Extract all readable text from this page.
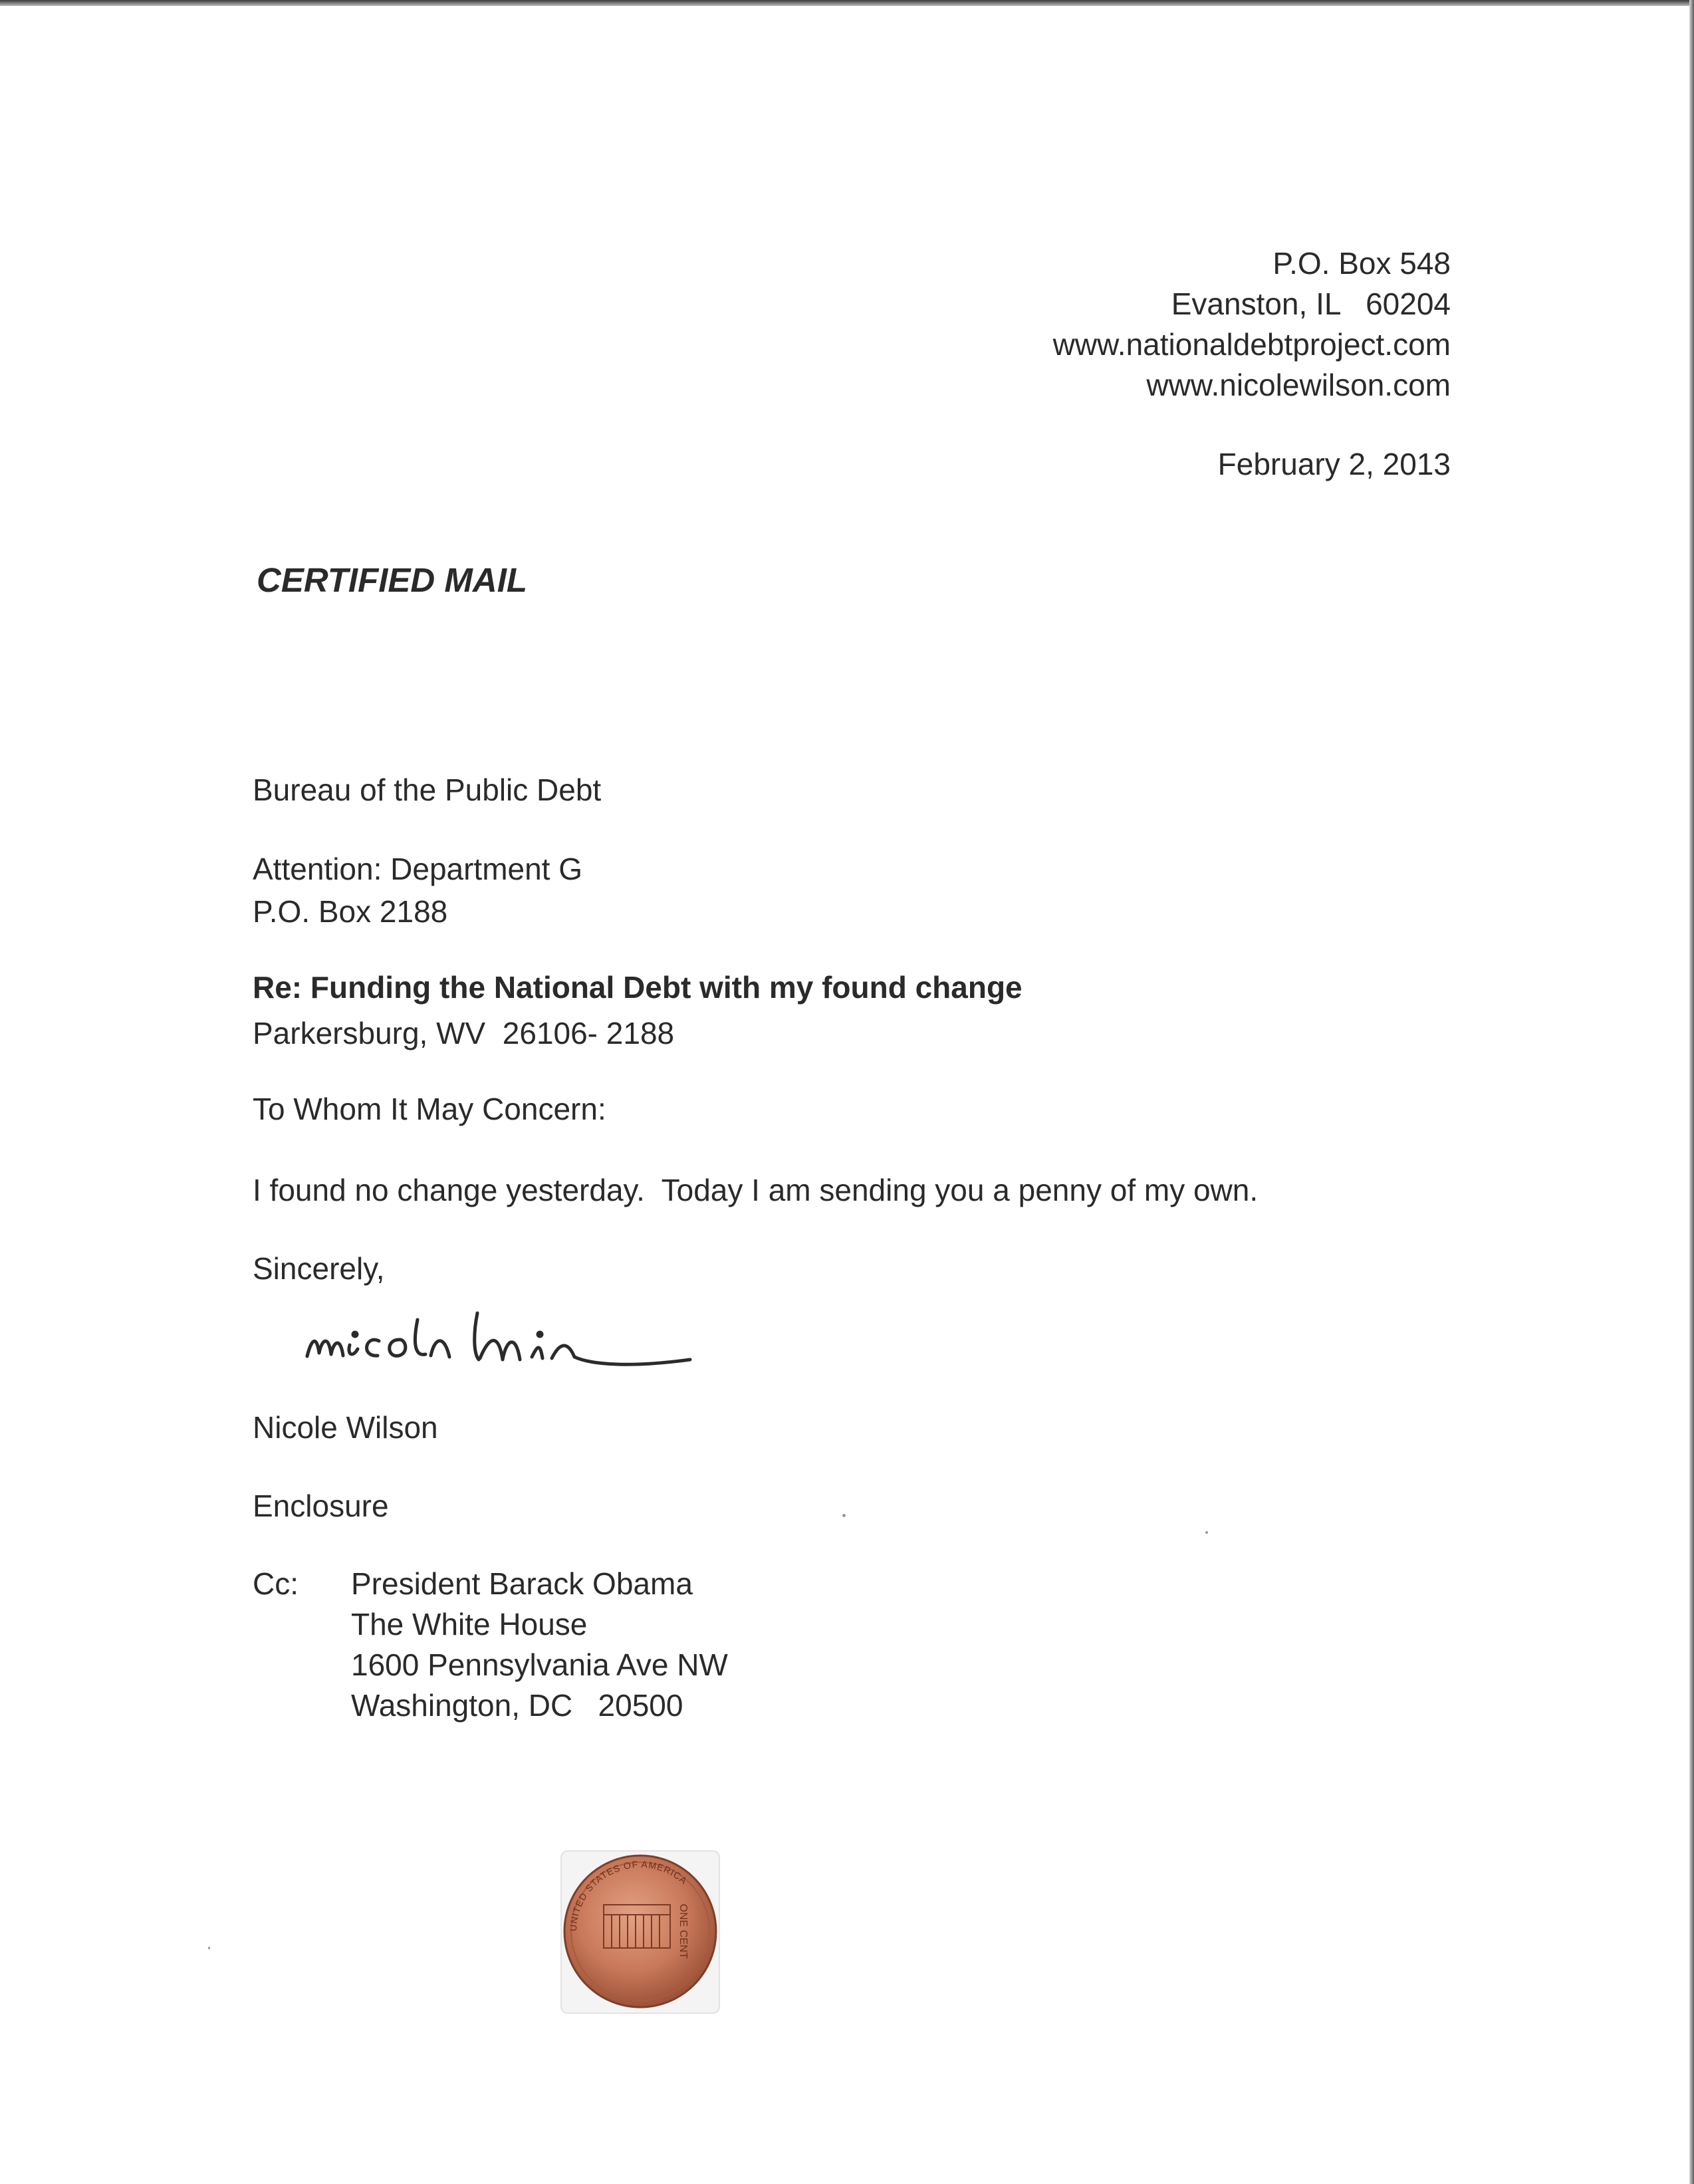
P.O. Box 548
Evanston, IL   60204
www.nationaldebtproject.com
www.nicolewilson.com
February 2, 2013
CERTIFIED MAIL

Bureau of the Public Debt

P.O. Box 2188

Parkersburg, WV  26106- 2188

Attention: Department G
Re: Funding the National Debt with my found change
To Whom It May Concern:
I found no change yesterday.  Today I am sending you a penny of my own.
Sincerely,
Nicole Wilson
Enclosure
Cc: President Barack Obama
The White House
1600 Pennsylvania Ave NW
Washington, DC   20500
UNITED STATES OF AMERICA
ONE CENT
